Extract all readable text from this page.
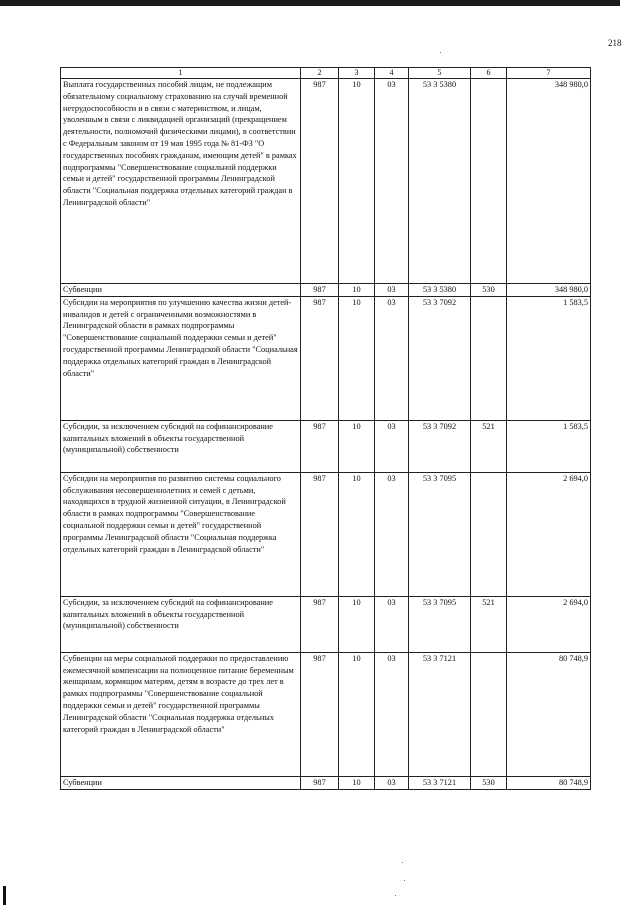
218
1	2	3	4	5	6	7
Выплата государственных пособий лицам, не подлежащим обязательному социальному страхованию на случай временной нетрудоспособности и в связи с материнством, и лицам, уволенным в связи с ликвидацией организаций (прекращением деятельности, полномочий физическими лицами), в соответствии с Федеральным законом от 19 мая 1995 года № 81-ФЗ "О государственных пособиях гражданам, имеющим детей" в рамках подпрограммы "Совершенствование социальной поддержки семьи и детей" государственной программы Ленинградской области "Социальная поддержка отдельных категорий граждан в Ленинградской области"	987	10	03	53 3 5380		348 980,0
Субвенции	987	10	03	53 3 5380	530	348 980,0
Субсидии на мероприятия по улучшению качества жизни детей-инвалидов и детей с ограниченными возможностями в Ленинградской области в рамках подпрограммы "Совершенствование социальной поддержки семьи и детей" государственной программы Ленинградской области "Социальная поддержка отдельных категорий граждан в Ленинградской области"	987	10	03	53 3 7092		1 583,5
Субсидии, за исключением субсидий на софинансирование капитальных вложений в объекты государственной (муниципальной) собственности	987	10	03	53 3 7092	521	1 583,5
Субсидии на мероприятия по развитию системы социального обслуживания несовершеннолетних и семей с детьми, находящихся в трудной жизненной ситуации, в Ленинградской области в рамках подпрограммы "Совершенствование социальной поддержки семьи и детей" государственной программы Ленинградской области "Социальная поддержка отдельных категорий граждан в Ленинградской области"	987	10	03	53 3 7095		2 694,0
Субсидии, за исключением субсидий на софинансирование капитальных вложений в объекты государственной (муниципальной) собственности	987	10	03	53 3 7095	521	2 694,0
Субвенции на меры социальной поддержки по предоставлению ежемесячной компенсации на полноценное питание беременным женщинам, кормящим матерям, детям в возрасте до трех лет в рамках подпрограммы "Совершенствование социальной поддержки семьи и детей" государственной программы Ленинградской области "Социальная поддержка отдельных категорий граждан в Ленинградской области"	987	10	03	53 3 7121		80 748,9
Субвенции	987	10	03	53 3 7121	530	80 748,9
